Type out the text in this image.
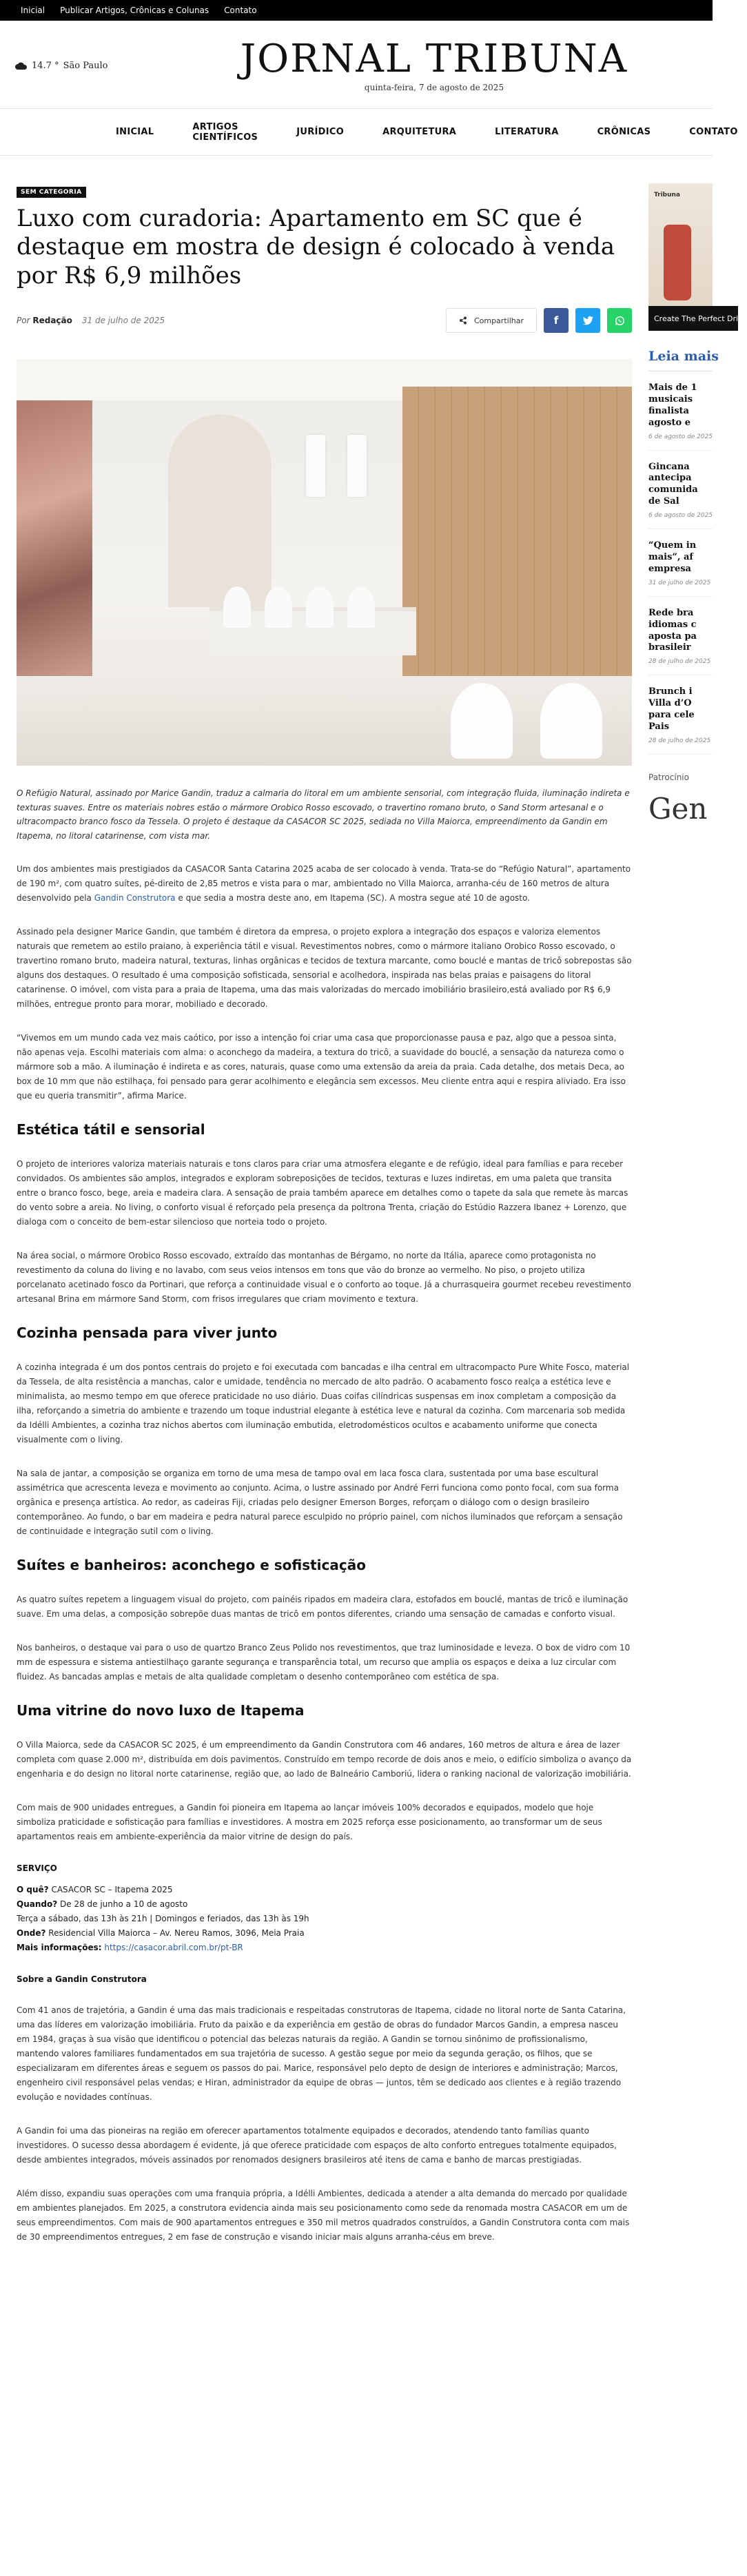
Inicial Publicar Artigos, Crônicas e Colunas Contato
14.7 ° São Paulo	JORNAL TRIBUNA
quinta-feira, 7 de agosto de 2025
INICIAL	ARTIGOS CIENTÍFICOS	JURÍDICO	ARQUITETURA	LITERATURA	CRÔNICAS	CONTATO
SEM CATEGORIA
Luxo com curadoria: Apartamento em SC que é destaque em mostra de design é colocado à venda por R$ 6,9 milhões
Por Redação 31 de julho de 2025	Compartilhar	f

O Refúgio Natural, assinado por Marice Gandin, traduz a calmaria do litoral em um ambiente sensorial, com integração fluida, iluminação indireta e texturas suaves. Entre os materiais nobres estão o mármore Orobico Rosso escovado, o travertino romano bruto, o Sand Storm artesanal e o ultracompacto branco fosco da Tessela. O projeto é destaque da CASACOR SC 2025, sediada no Villa Maiorca, empreendimento da Gandin em Itapema, no litoral catarinense, com vista mar.

Um dos ambientes mais prestigiados da CASACOR Santa Catarina 2025 acaba de ser colocado à venda. Trata-se do “Refúgio Natural”, apartamento de 190 m², com quatro suítes, pé-direito de 2,85 metros e vista para o mar, ambientado no Villa Maiorca, arranha-céu de 160 metros de altura desenvolvido pela Gandin Construtora e que sedia a mostra deste ano, em Itapema (SC). A mostra segue até 10 de agosto.

Assinado pela designer Marice Gandin, que também é diretora da empresa, o projeto explora a integração dos espaços e valoriza elementos naturais que remetem ao estilo praiano, à experiência tátil e visual. Revestimentos nobres, como o mármore italiano Orobico Rosso escovado, o travertino romano bruto, madeira natural, texturas, linhas orgânicas e tecidos de textura marcante, como bouclé e mantas de tricô sobrepostas são alguns dos destaques. O resultado é uma composição sofisticada, sensorial e acolhedora, inspirada nas belas praias e paisagens do litoral catarinense. O imóvel, com vista para a praia de Itapema, uma das mais valorizadas do mercado imobiliário brasileiro,está avaliado por R$ 6,9 milhões, entregue pronto para morar, mobiliado e decorado.

“Vivemos em um mundo cada vez mais caótico, por isso a intenção foi criar uma casa que proporcionasse pausa e paz, algo que a pessoa sinta, não apenas veja. Escolhi materiais com alma: o aconchego da madeira, a textura do tricô, a suavidade do bouclé, a sensação da natureza como o mármore sob a mão. A iluminação é indireta e as cores, naturais, quase como uma extensão da areia da praia. Cada detalhe, dos metais Deca, ao box de 10 mm que não estilhaça, foi pensado para gerar acolhimento e elegância sem excessos. Meu cliente entra aqui e respira aliviado. Era isso que eu queria transmitir”, afirma Marice.

Estética tátil e sensorial

O projeto de interiores valoriza materiais naturais e tons claros para criar uma atmosfera elegante e de refúgio, ideal para famílias e para receber convidados. Os ambientes são amplos, integrados e exploram sobreposições de tecidos, texturas e luzes indiretas, em uma paleta que transita entre o branco fosco, bege, areia e madeira clara. A sensação de praia também aparece em detalhes como o tapete da sala que remete às marcas do vento sobre a areia. No living, o conforto visual é reforçado pela presença da poltrona Trenta, criação do Estúdio Razzera Ibanez + Lorenzo, que dialoga com o conceito de bem-estar silencioso que norteia todo o projeto.

Na área social, o mármore Orobico Rosso escovado, extraído das montanhas de Bérgamo, no norte da Itália, aparece como protagonista no revestimento da coluna do living e no lavabo, com seus veios intensos em tons que vão do bronze ao vermelho. No piso, o projeto utiliza porcelanato acetinado fosco da Portinari, que reforça a continuidade visual e o conforto ao toque. Já a churrasqueira gourmet recebeu revestimento artesanal Brina em mármore Sand Storm, com frisos irregulares que criam movimento e textura.

Cozinha pensada para viver junto

A cozinha integrada é um dos pontos centrais do projeto e foi executada com bancadas e ilha central em ultracompacto Pure White Fosco, material da Tessela, de alta resistência a manchas, calor e umidade, tendência no mercado de alto padrão. O acabamento fosco realça a estética leve e minimalista, ao mesmo tempo em que oferece praticidade no uso diário. Duas coifas cilíndricas suspensas em inox completam a composição da ilha, reforçando a simetria do ambiente e trazendo um toque industrial elegante à estética leve e natural da cozinha. Com marcenaria sob medida da Idélli Ambientes, a cozinha traz nichos abertos com iluminação embutida, eletrodomésticos ocultos e acabamento uniforme que conecta visualmente com o living.

Na sala de jantar, a composição se organiza em torno de uma mesa de tampo oval em laca fosca clara, sustentada por uma base escultural assimétrica que acrescenta leveza e movimento ao conjunto. Acima, o lustre assinado por André Ferri funciona como ponto focal, com sua forma orgânica e presença artística. Ao redor, as cadeiras Fiji, criadas pelo designer Emerson Borges, reforçam o diálogo com o design brasileiro contemporâneo. Ao fundo, o bar em madeira e pedra natural parece esculpido no próprio painel, com nichos iluminados que reforçam a sensação de continuidade e integração sutil com o living.

Suítes e banheiros: aconchego e sofisticação

As quatro suítes repetem a linguagem visual do projeto, com painéis ripados em madeira clara, estofados em bouclé, mantas de tricô e iluminação suave. Em uma delas, a composição sobrepõe duas mantas de tricô em pontos diferentes, criando uma sensação de camadas e conforto visual.

Nos banheiros, o destaque vai para o uso de quartzo Branco Zeus Polido nos revestimentos, que traz luminosidade e leveza. O box de vidro com 10 mm de espessura e sistema antiestilhaço garante segurança e transparência total, um recurso que amplia os espaços e deixa a luz circular com fluidez. As bancadas amplas e metais de alta qualidade completam o desenho contemporâneo com estética de spa.

Uma vitrine do novo luxo de Itapema

O Villa Maiorca, sede da CASACOR SC 2025, é um empreendimento da Gandin Construtora com 46 andares, 160 metros de altura e área de lazer completa com quase 2.000 m², distribuída em dois pavimentos. Construído em tempo recorde de dois anos e meio, o edifício simboliza o avanço da engenharia e do design no litoral norte catarinense, região que, ao lado de Balneário Camboriú, lidera o ranking nacional de valorização imobiliária.

Com mais de 900 unidades entregues, a Gandin foi pioneira em Itapema ao lançar imóveis 100% decorados e equipados, modelo que hoje simboliza praticidade e sofisticação para famílias e investidores. A mostra em 2025 reforça esse posicionamento, ao transformar um de seus apartamentos reais em ambiente-experiência da maior vitrine de design do país.

SERVIÇO
O quê? CASACOR SC – Itapema 2025
Quando? De 28 de junho a 10 de agosto
Terça a sábado, das 13h às 21h | Domingos e feriados, das 13h às 19h
Onde? Residencial Villa Maiorca – Av. Nereu Ramos, 3096, Meia Praia
Mais informações: https://casacor.abril.com.br/pt-BR
Sobre a Gandin Construtora

Com 41 anos de trajetória, a Gandin é uma das mais tradicionais e respeitadas construtoras de Itapema, cidade no litoral norte de Santa Catarina, uma das líderes em valorização imobiliária. Fruto da paixão e da experiência em gestão de obras do fundador Marcos Gandin, a empresa nasceu em 1984, graças à sua visão que identificou o potencial das belezas naturais da região. A Gandin se tornou sinônimo de profissionalismo, mantendo valores familiares fundamentados em sua trajetória de sucesso. A gestão segue por meio da segunda geração, os filhos, que se especializaram em diferentes áreas e seguem os passos do pai. Marice, responsável pelo depto de design de interiores e administração; Marcos, engenheiro civil responsável pelas vendas; e Hiran, administrador da equipe de obras — juntos, têm se dedicado aos clientes e à região trazendo evolução e novidades contínuas.

A Gandin foi uma das pioneiras na região em oferecer apartamentos totalmente equipados e decorados, atendendo tanto famílias quanto investidores. O sucesso dessa abordagem é evidente, já que oferece praticidade com espaços de alto conforto entregues totalmente equipados, desde ambientes integrados, móveis assinados por renomados designers brasileiros até itens de cama e banho de marcas prestigiadas.

Além disso, expandiu suas operações com uma franquia própria, a Idélli Ambientes, dedicada a atender a alta demanda do mercado por qualidade em ambientes planejados. Em 2025, a construtora evidencia ainda mais seu posicionamento como sede da renomada mostra CASACOR em um de seus empreendimentos. Com mais de 900 apartamentos entregues e 350 mil metros quadrados construídos, a Gandin Construtora conta com mais de 30 empreendimentos entregues, 2 em fase de construção e visando iniciar mais alguns arranha-céus em breve.

Tribuna
Create The Perfect Drink
Leia mais
Mais de 1
musicais
finalista
agosto e
6 de agosto de 2025
Gincana
antecipa
comunida
de Sal
6 de agosto de 2025
“Quem in
mais”, af
empresa
31 de julho de 2025
Rede bra
idiomas c
aposta pa
brasileir
28 de julho de 2025
Brunch i
Villa d’O
para cele
Pais
28 de julho de 2025
Patrocínio
Gen
